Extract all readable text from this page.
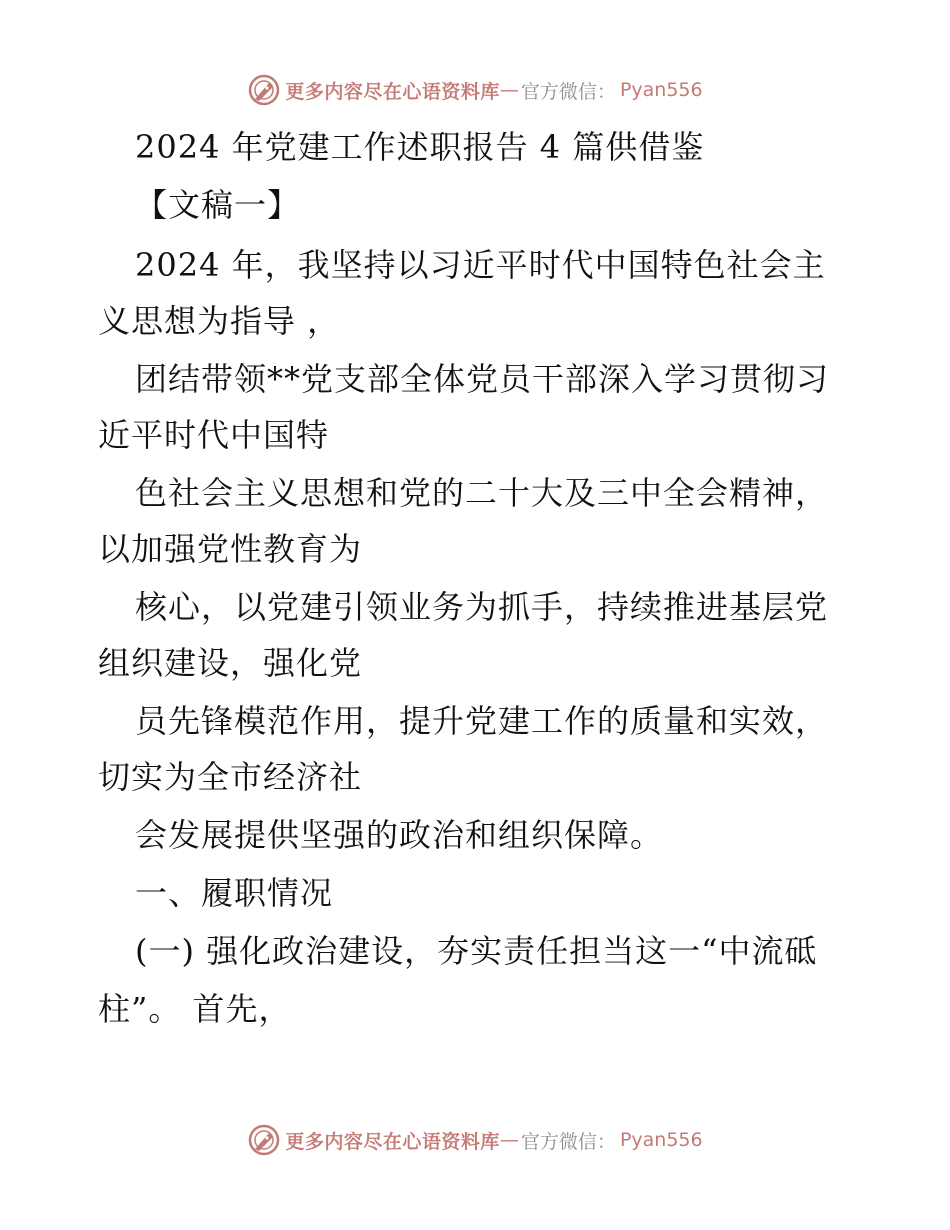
更多内容尽在心语资料库 — 官方微信： Pyan556
2024 年党建工作述职报告 4 篇供借鉴
【文稿一】
2024 年，我坚持以习近平时代中国特色社会主
义思想为指导 ，
团结带领**党支部全体党员干部深入学习贯彻习
近平时代中国特
色社会主义思想和党的二十大及三中全会精神，
以加强党性教育为
核心，以党建引领业务为抓手，持续推进基层党
组织建设，强化党
员先锋模范作用，提升党建工作的质量和实效，
切实为全市经济社
会发展提供坚强的政治和组织保障。
一、履职情况
(一) 强化政治建设，夯实责任担当这一“中流砥
柱”。 首先，
更多内容尽在心语资料库 — 官方微信： Pyan556
